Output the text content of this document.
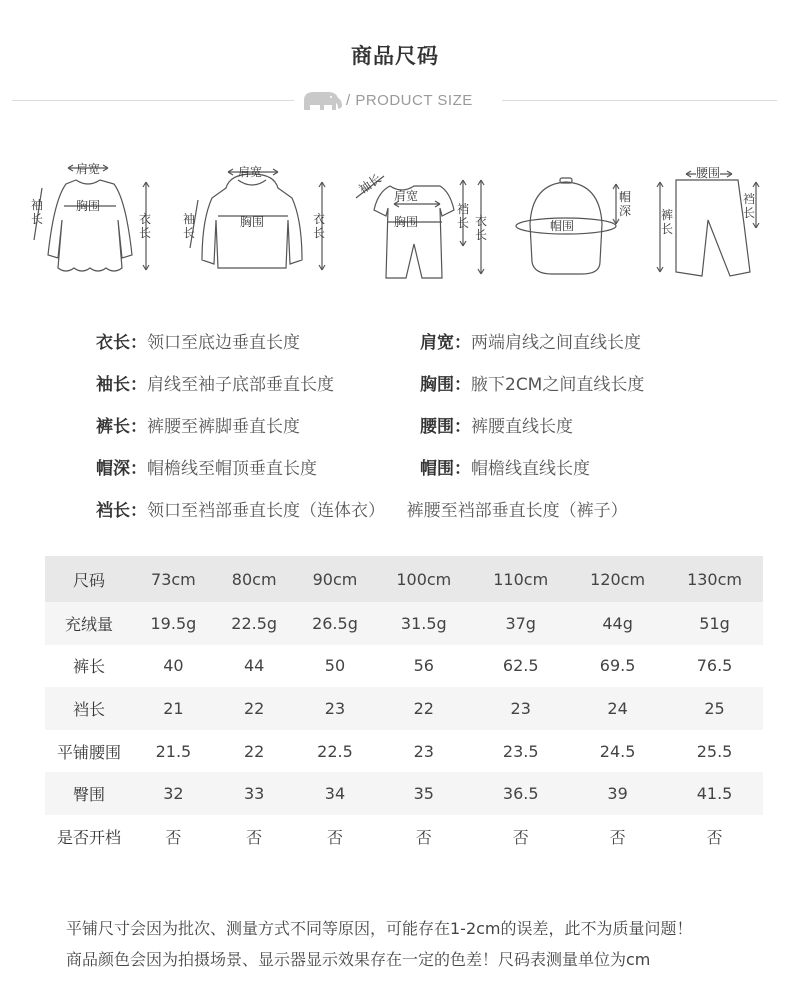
商品尺码
/ PRODUCT SIZE
肩宽
袖长
胸围
衣长
肩宽
袖长
胸围	衣长
袖长 肩宽
胸围
裆长 衣长
帽围
帽深
腰围
裤长
裆长
衣长：领口至底边垂直长度	肩宽：两端肩线之间直线长度
袖长：肩线至袖子底部垂直长度	胸围：腋下2CM之间直线长度
裤长：裤腰至裤脚垂直长度	腰围：裤腰直线长度
帽深：帽檐线至帽顶垂直长度	帽围：帽檐线直线长度
裆长：领口至裆部垂直长度（连体衣）    裤腰至裆部垂直长度（裤子）
尺码	73cm	80cm	90cm	100cm	110cm	120cm	130cm
充绒量	19.5g	22.5g	26.5g	31.5g	37g	44g	51g
裤长	40	44	50	56	62.5	69.5	76.5
裆长	21	22	23	22	23	24	25
平铺腰围	21.5	22	22.5	23	23.5	24.5	25.5
臀围	32	33	34	35	36.5	39	41.5
是否开档	否	否	否	否	否	否	否
平铺尺寸会因为批次、测量方式不同等原因，可能存在1-2cm的误差，此不为质量问题！
商品颜色会因为拍摄场景、显示器显示效果存在一定的色差！尺码表测量单位为cm
